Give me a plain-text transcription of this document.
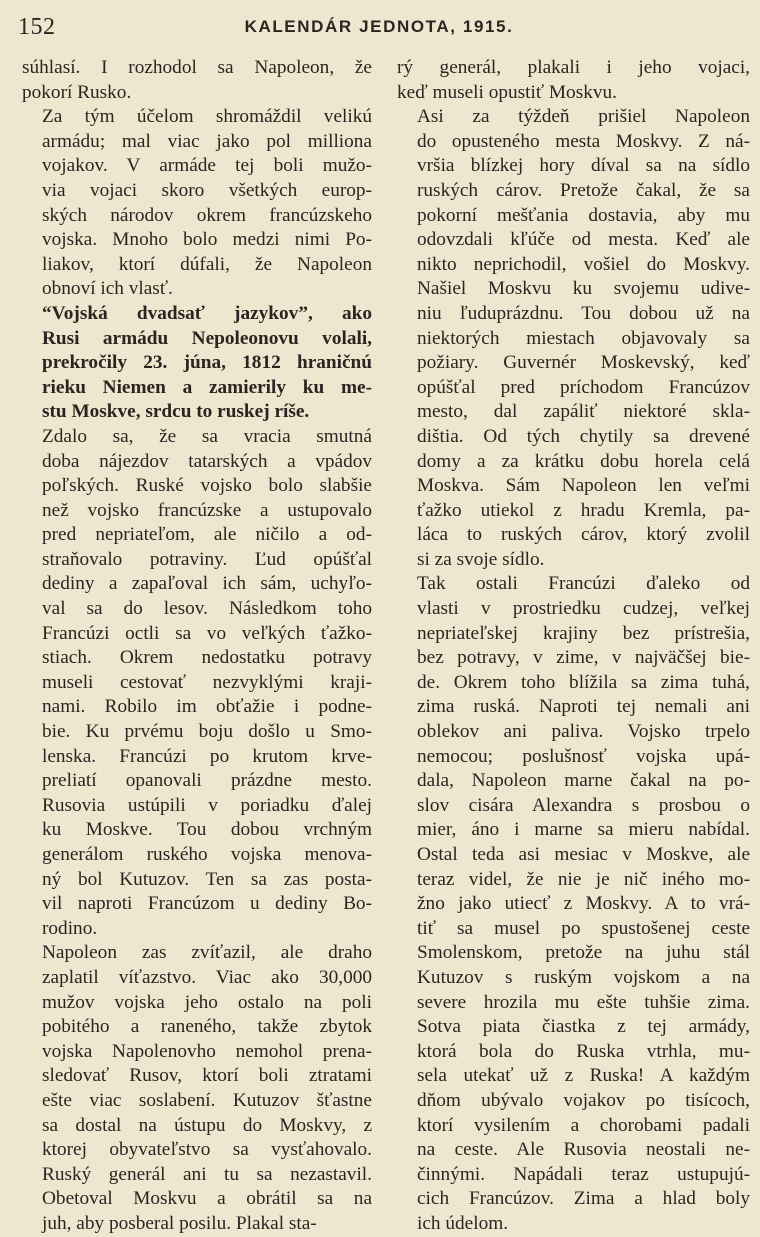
152	KALENDÁR JEDNOTA, 1915.

súhlasí. I rozhodol sa Napoleon, že
pokorí Rusko.

Za tým účelom shromáždil velikú
armádu; mal viac jako pol milliona
vojakov. V armáde tej boli mužo-
via vojaci skoro všetkých europ-
ských národov okrem francúzskeho
vojska. Mnoho bolo medzi nimi Po-
liakov, ktorí dúfali, že Napoleon
obnoví ich vlasť.

“Vojská dvadsať jazykov”, ako
Rusi armádu Nepoleonovu volali,
prekročily 23. júna, 1812 hraničnú
rieku Niemen a zamierily ku me-
stu Moskve, srdcu to ruskej ríše.

Zdalo sa, že sa vracia smutná
doba nájezdov tatarských a vpádov
poľských. Ruské vojsko bolo slabšie
než vojsko francúzske a ustupovalo
pred nepriateľom, ale ničilo a od-
straňovalo potraviny. Ľud opúšťal
dediny a zapaľoval ich sám, uchyľo-
val sa do lesov. Následkom toho
Francúzi octli sa vo veľkých ťažko-
stiach. Okrem nedostatku potravy
museli cestovať nezvyklými kraji-
nami. Robilo im obťažie i podne-
bie. Ku prvému boju došlo u Smo-
lenska. Francúzi po krutom krve-
preliatí opanovali prázdne mesto.
Rusovia ustúpili v poriadku ďalej
ku Moskve. Tou dobou vrchným
generálom ruského vojska menova-
ný bol Kutuzov. Ten sa zas posta-
vil naproti Francúzom u dediny Bo-
rodino.

Napoleon zas zvíťazil, ale draho
zaplatil víťazstvo. Viac ako 30,000
mužov vojska jeho ostalo na poli
pobitého a raneného, takže zbytok
vojska Napolenovho nemohol prena-
sledovať Rusov, ktorí boli ztratami
ešte viac soslabení. Kutuzov šťastne
sa dostal na ústupu do Moskvy, z
ktorej obyvateľstvo sa vysťahovalo.
Ruský generál ani tu sa nezastavil.
Obetoval Moskvu a obrátil sa na
juh, aby posberal posilu. Plakal sta-

rý generál, plakali i jeho vojaci,
keď museli opustiť Moskvu.

Asi za týždeň prišiel Napoleon
do opusteného mesta Moskvy. Z ná-
vršia blízkej hory díval sa na sídlo
ruských cárov. Pretože čakal, že sa
pokorní mešťania dostavia, aby mu
odovzdali kľúče od mesta. Keď ale
nikto neprichodil, vošiel do Moskvy.
Našiel Moskvu ku svojemu udive-
niu ľuduprázdnu. Tou dobou už na
niektorých miestach objavovaly sa
požiary. Guvernér Moskevský, keď
opúšťal pred príchodom Francúzov
mesto, dal zapáliť niektoré skla-
dištia. Od tých chytily sa drevené
domy a za krátku dobu horela celá
Moskva. Sám Napoleon len veľmi
ťažko utiekol z hradu Kremla, pa-
láca to ruských cárov, ktorý zvolil
si za svoje sídlo.

Tak ostali Francúzi ďaleko od
vlasti v prostriedku cudzej, veľkej
nepriateľskej krajiny bez prístrešia,
bez potravy, v zime, v najväčšej bie-
de. Okrem toho blížila sa zima tuhá,
zima ruská. Naproti tej nemali ani
oblekov ani paliva. Vojsko trpelo
nemocou; poslušnosť vojska upá-
dala, Napoleon marne čakal na po-
slov cisára Alexandra s prosbou o
mier, áno i marne sa mieru nabídal.
Ostal teda asi mesiac v Moskve, ale
teraz videl, že nie je nič iného mo-
žno jako utiecť z Moskvy. A to vrá-
tiť sa musel po spustošenej ceste
Smolenskom, pretože na juhu stál
Kutuzov s ruským vojskom a na
severe hrozila mu ešte tuhšie zima.
Sotva piata čiastka z tej armády,
ktorá bola do Ruska vtrhla, mu-
sela utekať už z Ruska! A každým
dňom ubývalo vojakov po tisícoch,
ktorí vysilením a chorobami padali
na ceste. Ale Rusovia neostali ne-
činnými. Napádali teraz ustupujú-
cich Francúzov. Zima a hlad boly
ich údelom.
